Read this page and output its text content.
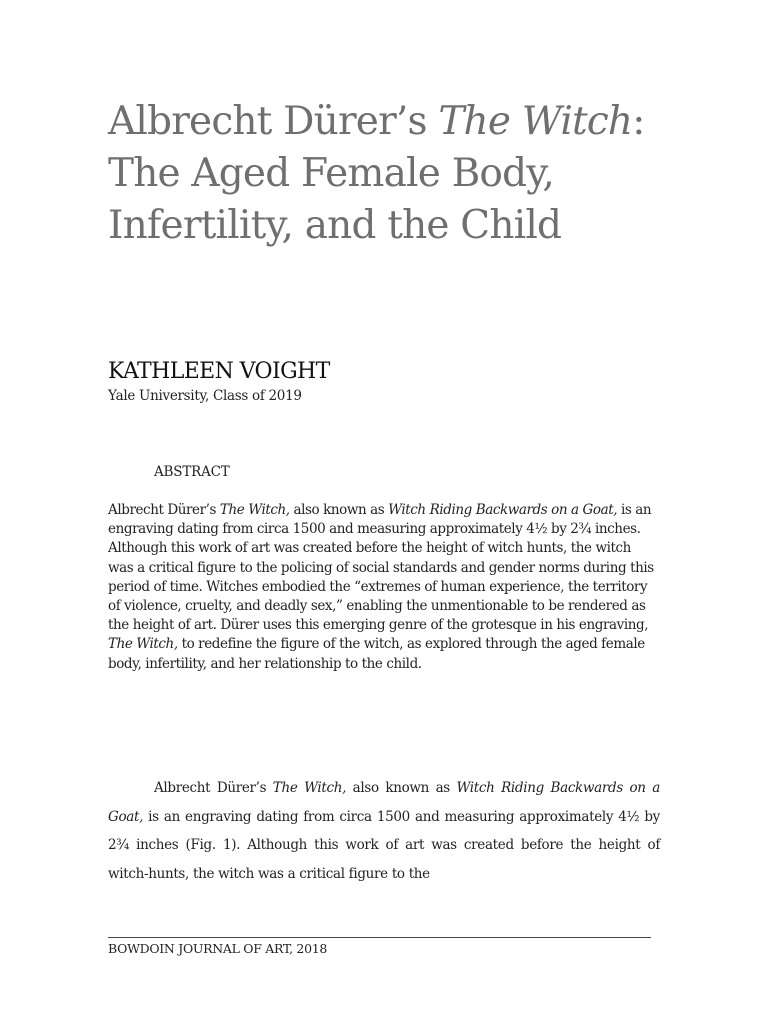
Albrecht Dürer’s The Witch: The Aged Female Body, Infertility, and the Child

KATHLEEN VOIGHT

Yale University, Class of 2019

ABSTRACT

Albrecht Dürer’s The Witch, also known as Witch Riding Backwards on a Goat, is an engraving dating from circa 1500 and measuring approximately 4½ by 2¾ inches. Although this work of art was created before the height of witch hunts, the witch was a critical figure to the policing of social standards and gender norms during this period of time. Witches embodied the “extremes of human experience, the territory of violence, cruelty, and deadly sex,” enabling the unmentionable to be rendered as the height of art. Dürer uses this emerging genre of the grotesque in his engraving, The Witch, to redefine the figure of the witch, as explored through the aged female body, infertility, and her relationship to the child.

Albrecht Dürer’s The Witch, also known as Witch Riding Backwards on a Goat, is an engraving dating from circa 1500 and measuring approximately 4½ by 2¾ inches (Fig. 1). Although this work of art was created before the height of witch-hunts, the witch was a critical figure to the

BOWDOIN JOURNAL OF ART, 2018
